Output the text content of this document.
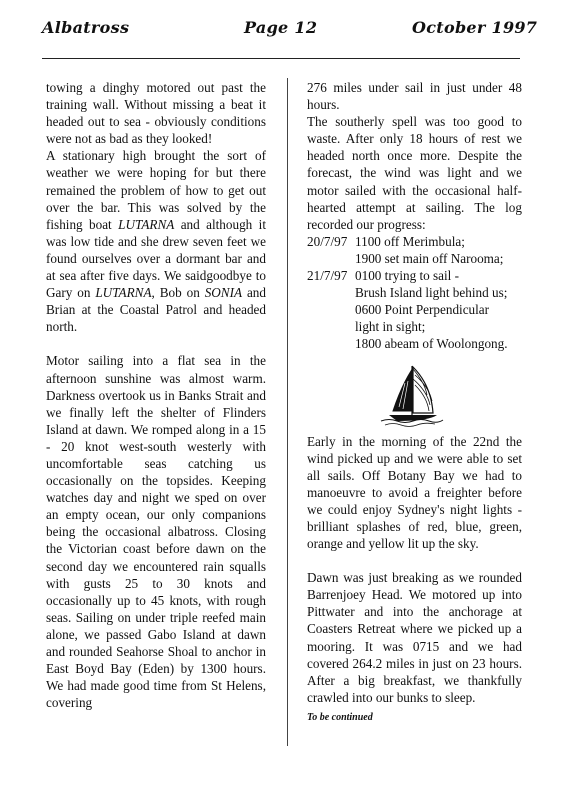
Albatross	Page 12	October 1997

towing a dinghy motored out past the training wall. Without missing a beat it headed out to sea - obviously conditions were not as bad as they looked!

A stationary high brought the sort of weather we were hoping for but there remained the problem of how to get out over the bar. This was solved by the fishing boat LUTARNA and although it was low tide and she drew seven feet we found ourselves over a dormant bar and at sea after five days. We saidgoodbye to Gary on LUTARNA, Bob on SONIA and Brian at the Coastal Patrol and headed north.

Motor sailing into a flat sea in the afternoon sunshine was almost warm. Darkness overtook us in Banks Strait and we finally left the shelter of Flinders Island at dawn. We romped along in a 15 - 20 knot west-south westerly with uncomfortable seas catching us occasionally on the topsides. Keeping watches day and night we sped on over an empty ocean, our only companions being the occasional albatross. Closing the Victorian coast before dawn on the second day we encountered rain squalls with gusts 25 to 30 knots and occasionally up to 45 knots, with rough seas. Sailing on under triple reefed main alone, we passed Gabo Island at dawn and rounded Seahorse Shoal to anchor in East Boyd Bay (Eden) by 1300 hours. We had made good time from St Helens, covering

276 miles under sail in just under 48 hours.

The southerly spell was too good to waste. After only 18 hours of rest we headed north once more. Despite the forecast, the wind was light and we motor sailed with the occasional half-hearted attempt at sailing. The log recorded our progress:

20/7/97 1100 off Merimbula;
1900 set main off Narooma;
21/7/97 0100 trying to sail -
Brush Island light behind us;
0600 Point Perpendicular
light in sight;
1800 abeam of Woolongong.

Early in the morning of the 22nd the wind picked up and we were able to set all sails. Off Botany Bay we had to manoeuvre to avoid a freighter before we could enjoy Sydney's night lights - brilliant splashes of red, blue, green, orange and yellow lit up the sky.

Dawn was just breaking as we rounded Barrenjoey Head. We motored up into Pittwater and into the anchorage at Coasters Retreat where we picked up a mooring. It was 0715 and we had covered 264.2 miles in just on 23 hours. After a big breakfast, we thankfully crawled into our bunks to sleep.

To be continued
